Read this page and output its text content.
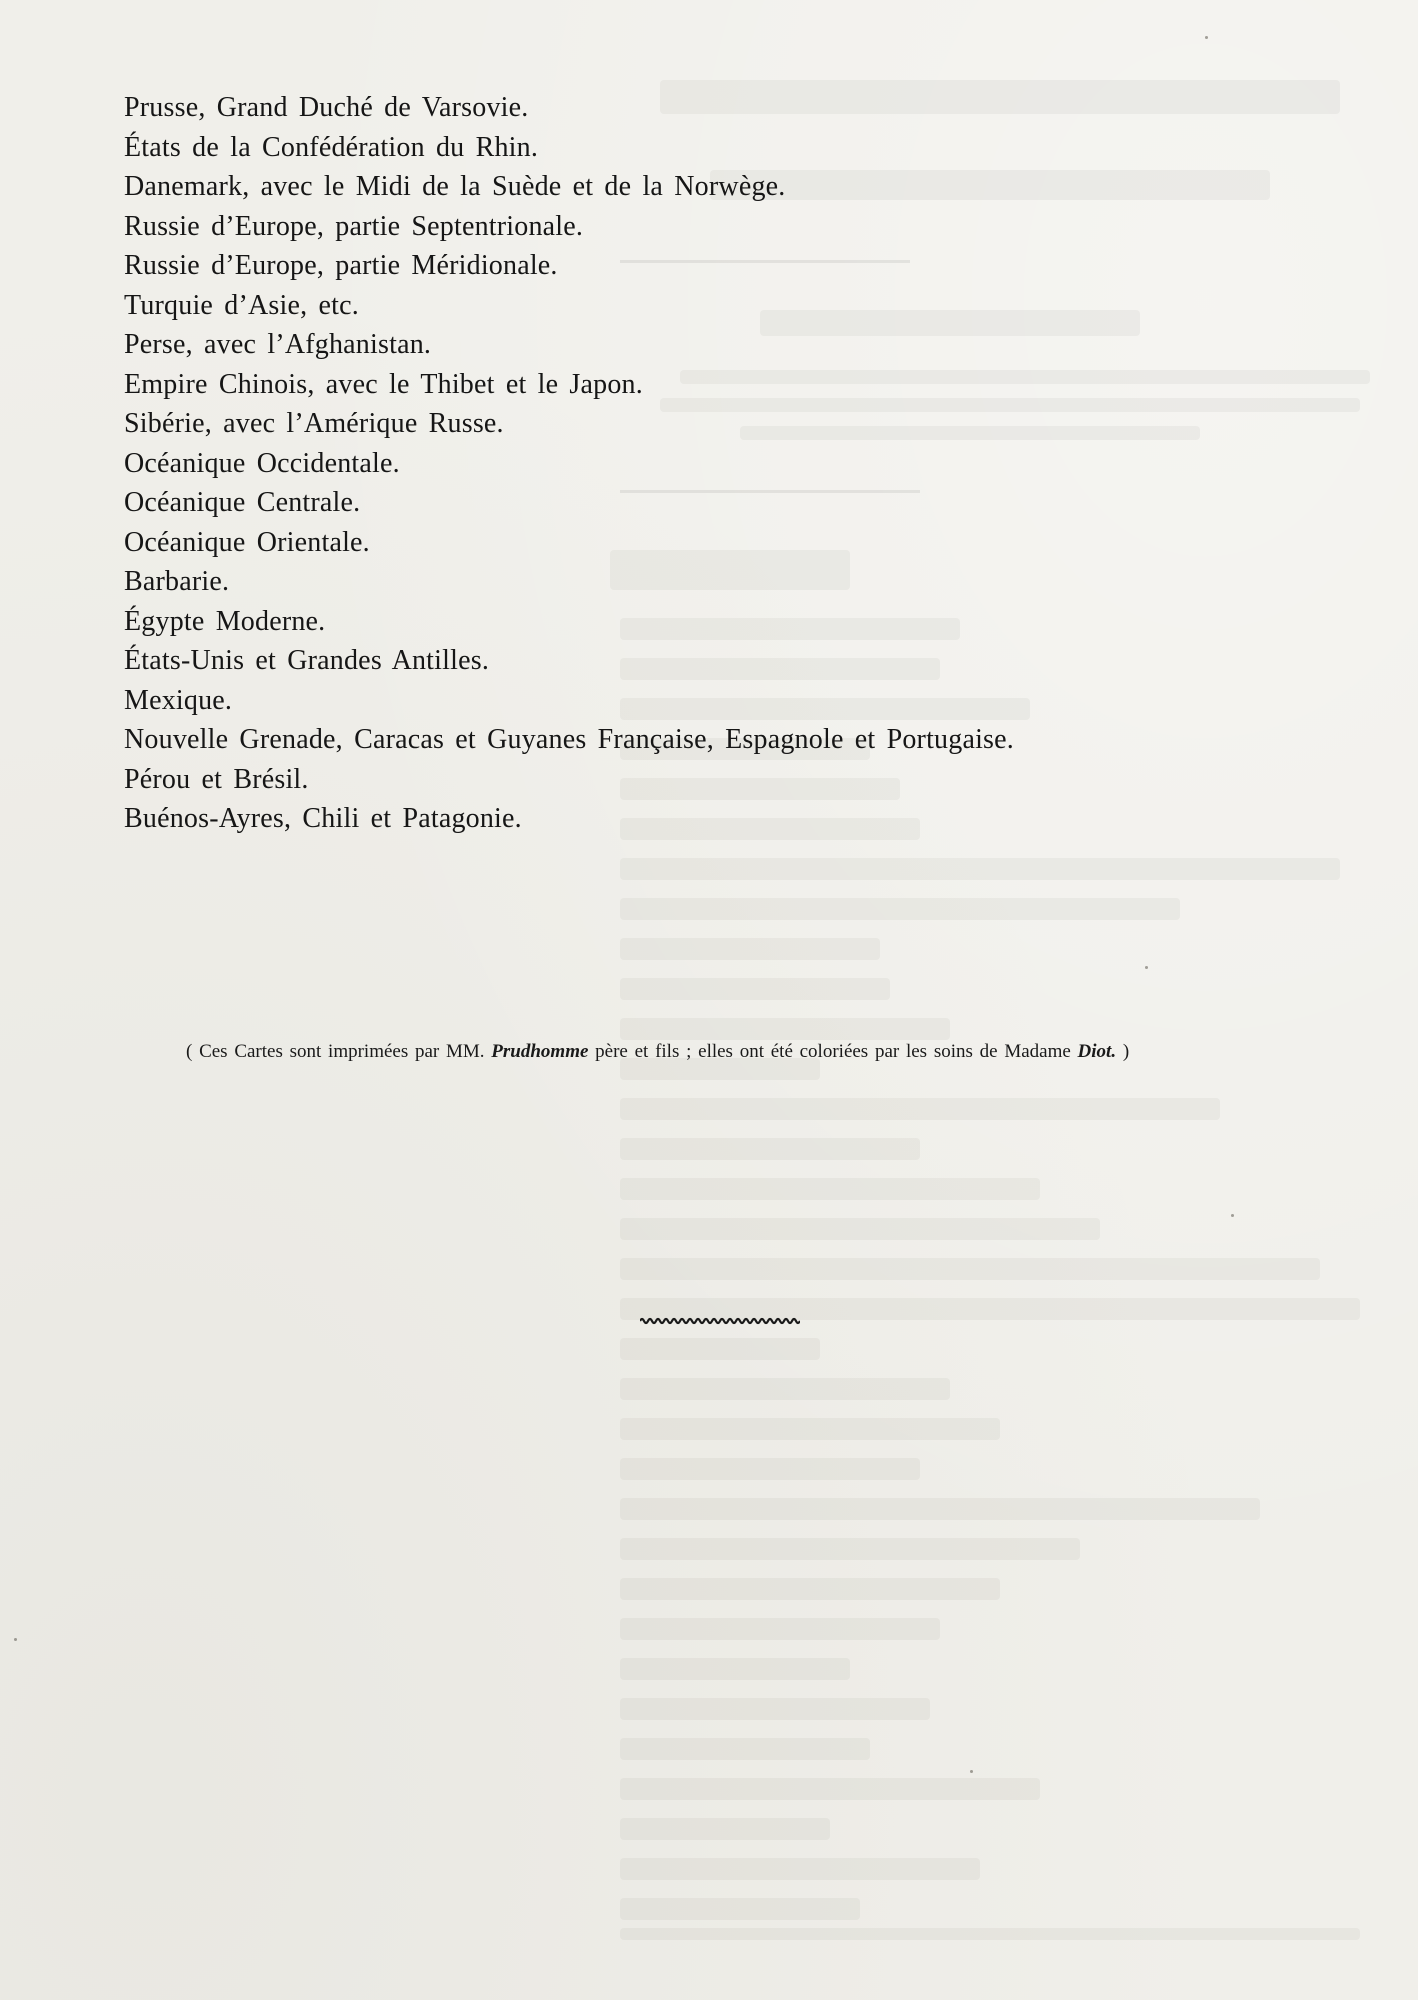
Prusse, Grand Duché de Varsovie.
États de la Confédération du Rhin.
Danemark, avec le Midi de la Suède et de la Norwège.
Russie d’Europe, partie Septentrionale.
Russie d’Europe, partie Méridionale.
Turquie d’Asie, etc.
Perse, avec l’Afghanistan.
Empire Chinois, avec le Thibet et le Japon.
Sibérie, avec l’Amérique Russe.
Océanique Occidentale.
Océanique Centrale.
Océanique Orientale.
Barbarie.
Égypte Moderne.
États-Unis et Grandes Antilles.
Mexique.
Nouvelle Grenade, Caracas et Guyanes Française, Espagnole et Portugaise.
Pérou et Brésil.
Buénos-Ayres, Chili et Patagonie.

( Ces Cartes sont imprimées par MM. Prudhomme père et fils ; elles ont été coloriées par les soins de Madame Diot. )
